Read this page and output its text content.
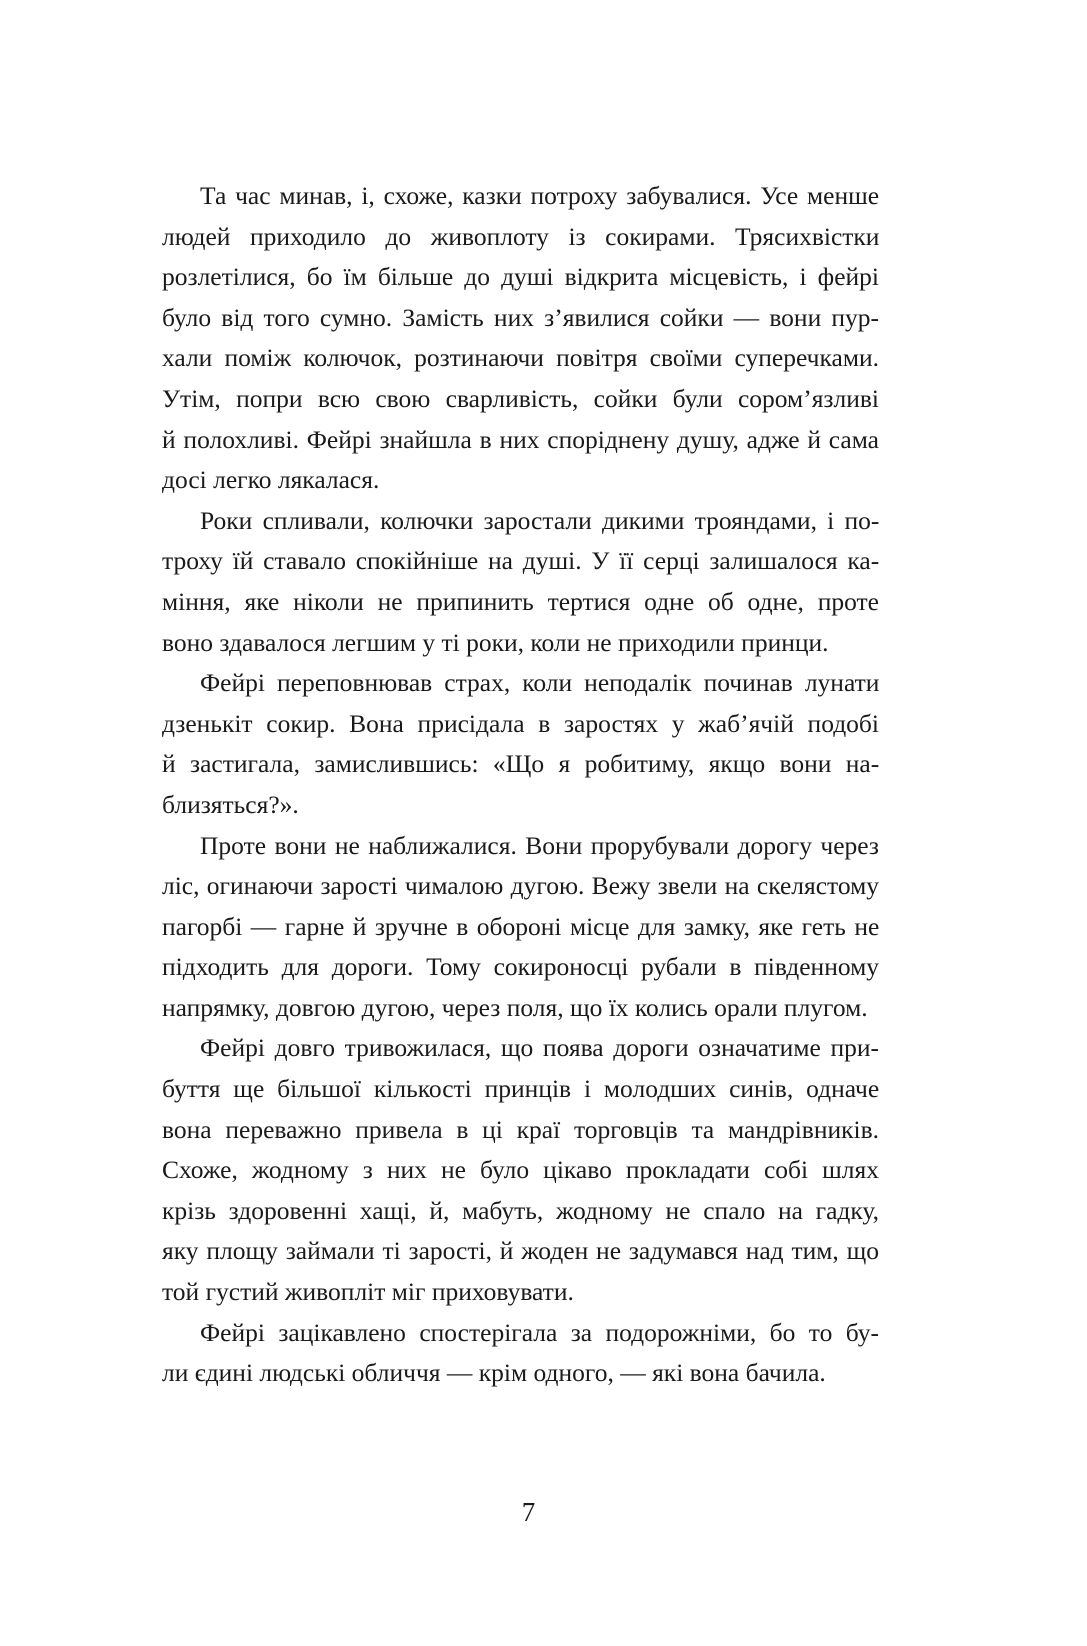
Та час минав, і, схоже, казки потроху забувалися. Усе менше
людей приходило до живоплоту із сокирами. Трясихвістки
розлетілися, бо їм більше до душі відкрита місцевість, і фейрі
було від того сумно. Замість них з’явилися сойки — вони пур-
хали поміж колючок, розтинаючи повітря своїми суперечками.
Утім, попри всю свою сварливість, сойки були сором’язливі
й полохливі. Фейрі знайшла в них споріднену душу, адже й сама
досі легко лякалася.
Роки спливали, колючки заростали дикими трояндами, і по-
троху їй ставало спокійніше на душі. У її серці залишалося ка-
міння, яке ніколи не припинить тертися одне об одне, проте
воно здавалося легшим у ті роки, коли не приходили принци.
Фейрі переповнював страх, коли неподалік починав лунати
дзенькіт сокир. Вона присідала в заростях у жаб’ячій подобі
й застигала, замислившись: «Що я робитиму, якщо вони на-
близяться?».
Проте вони не наближалися. Вони прорубували дорогу через
ліс, огинаючи зарості чималою дугою. Вежу звели на скелястому
пагорбі — гарне й зручне в обороні місце для замку, яке геть не
підходить для дороги. Тому сокироносці рубали в південному
напрямку, довгою дугою, через поля, що їх колись орали плугом.
Фейрі довго тривожилася, що поява дороги означатиме при-
буття ще більшої кількості принців і молодших синів, одначе
вона переважно привела в ці краї торговців та мандрівників.
Схоже, жодному з них не було цікаво прокладати собі шлях
крізь здоровенні хащі, й, мабуть, жодному не спало на гадку,
яку площу займали ті зарості, й жоден не задумався над тим, що
той густий живопліт міг приховувати.
Фейрі зацікавлено спостерігала за подорожніми, бо то бу-
ли єдині людські обличчя — крім одного, — які вона бачила.
7
